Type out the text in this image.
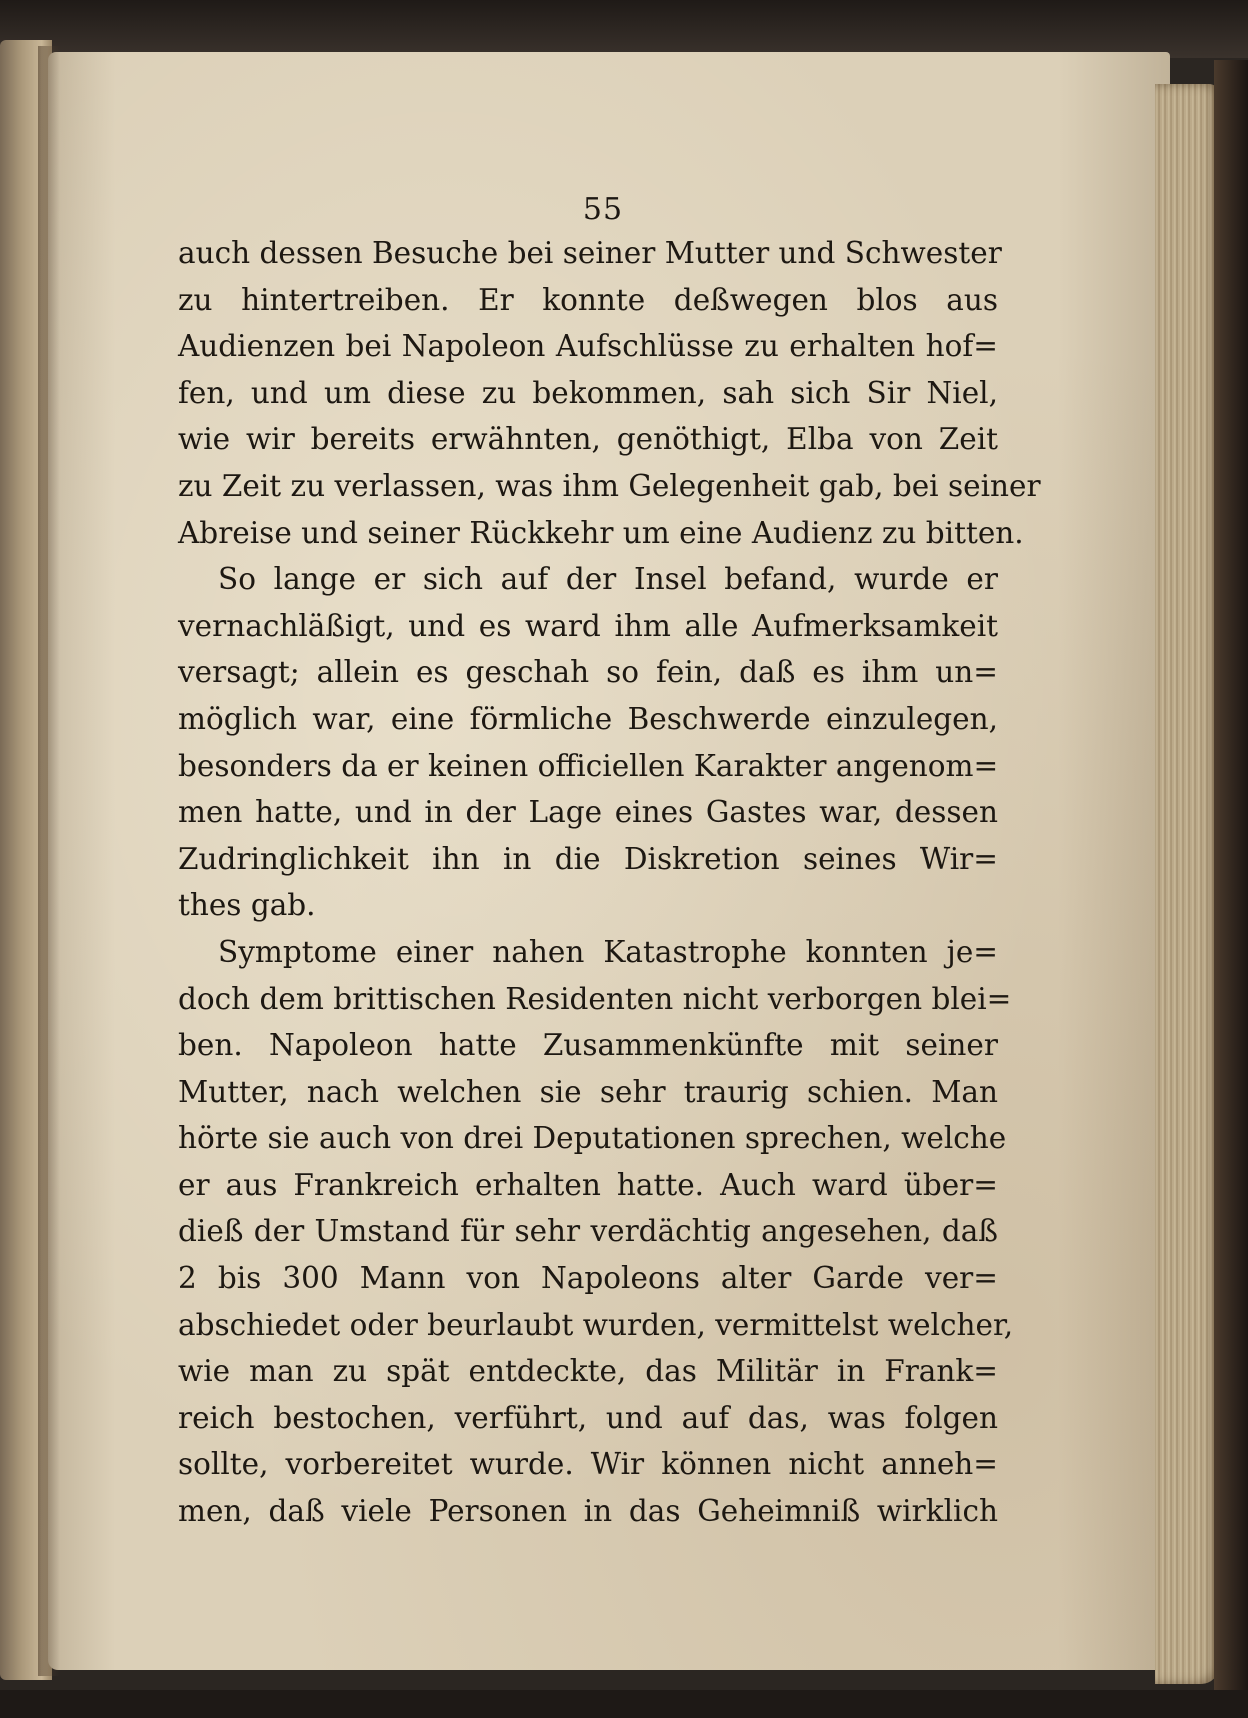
55
auch dessen Besuche bei seiner Mutter und Schwester
zu hintertreiben. Er konnte deßwegen blos aus
Audienzen bei Napoleon Aufschlüsse zu erhalten hof=
fen, und um diese zu bekommen, sah sich Sir Niel,
wie wir bereits erwähnten, genöthigt, Elba von Zeit
zu Zeit zu verlassen, was ihm Gelegenheit gab, bei seiner
Abreise und seiner Rückkehr um eine Audienz zu bitten.
So lange er sich auf der Insel befand, wurde er
vernachläßigt, und es ward ihm alle Aufmerksamkeit
versagt; allein es geschah so fein, daß es ihm un=
möglich war, eine förmliche Beschwerde einzulegen,
besonders da er keinen officiellen Karakter angenom=
men hatte, und in der Lage eines Gastes war, dessen
Zudringlichkeit ihn in die Diskretion seines Wir=
thes gab.
Symptome einer nahen Katastrophe konnten je=
doch dem brittischen Residenten nicht verborgen blei=
ben. Napoleon hatte Zusammenkünfte mit seiner
Mutter, nach welchen sie sehr traurig schien. Man
hörte sie auch von drei Deputationen sprechen, welche
er aus Frankreich erhalten hatte. Auch ward über=
dieß der Umstand für sehr verdächtig angesehen, daß
2 bis 300 Mann von Napoleons alter Garde ver=
abschiedet oder beurlaubt wurden, vermittelst welcher,
wie man zu spät entdeckte, das Militär in Frank=
reich bestochen, verführt, und auf das, was folgen
sollte, vorbereitet wurde. Wir können nicht anneh=
men, daß viele Personen in das Geheimniß wirklich
